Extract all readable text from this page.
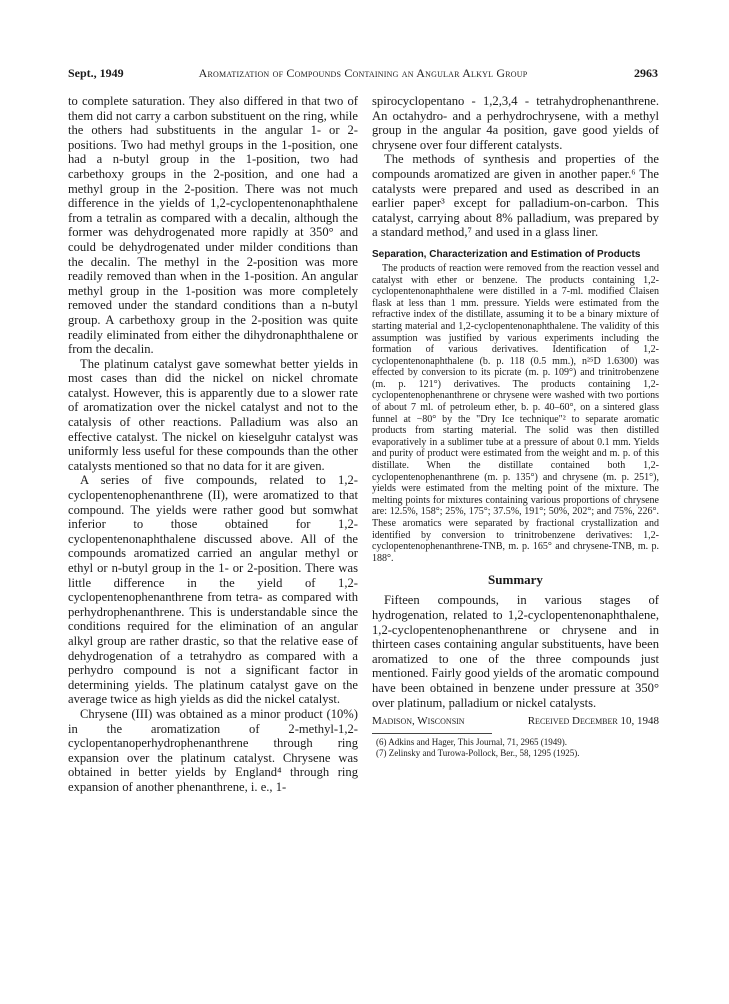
Sept., 1949	Aromatization of Compounds Containing an Angular Alkyl Group	2963

to complete saturation. They also differed in that two of them did not carry a carbon substituent on the ring, while the others had substituents in the angular 1- or 2-positions. Two had methyl groups in the 1-position, one had a n-butyl group in the 1-position, two had carbethoxy groups in the 2-position, and one had a methyl group in the 2-position. There was not much difference in the yields of 1,2-cyclopentenonaphthalene from a tetralin as compared with a decalin, although the former was dehydrogenated more rapidly at 350° and could be dehydrogenated under milder conditions than the decalin. The methyl in the 2-position was more readily removed than when in the 1-position. An angular methyl group in the 1-position was more completely removed under the standard conditions than a n-butyl group. A carbethoxy group in the 2-position was quite readily eliminated from either the dihydronaphthalene or from the decalin.

The platinum catalyst gave somewhat better yields in most cases than did the nickel on nickel chromate catalyst. However, this is apparently due to a slower rate of aromatization over the nickel catalyst and not to the catalysis of other reactions. Palladium was also an effective catalyst. The nickel on kieselguhr catalyst was uniformly less useful for these compounds than the other catalysts mentioned so that no data for it are given.

A series of five compounds, related to 1,2-cyclopentenophenanthrene (II), were aromatized to that compound. The yields were rather good but somwhat inferior to those obtained for 1,2-cyclopentenonaphthalene discussed above. All of the compounds aromatized carried an angular methyl or ethyl or n-butyl group in the 1- or 2-position. There was little difference in the yield of 1,2-cyclopentenophenanthrene from tetra- as compared with perhydrophenanthrene. This is understandable since the conditions required for the elimination of an angular alkyl group are rather drastic, so that the relative ease of dehydrogenation of a tetrahydro as compared with a perhydro compound is not a significant factor in determining yields. The platinum catalyst gave on the average twice as high yields as did the nickel catalyst.

Chrysene (III) was obtained as a minor product (10%) in the aromatization of 2-methyl-1,2-cyclopentanoperhydrophenanthrene through ring expansion over the platinum catalyst. Chrysene was obtained in better yields by England⁴ through ring expansion of another phenanthrene, i. e., 1-

spirocyclopentano - 1,2,3,4 - tetrahydrophenanthrene. An octahydro- and a perhydrochrysene, with a methyl group in the angular 4a position, gave good yields of chrysene over four different catalysts.

The methods of synthesis and properties of the compounds aromatized are given in another paper.⁶ The catalysts were prepared and used as described in an earlier paper³ except for palladium-on-carbon. This catalyst, carrying about 8% palladium, was prepared by a standard method,⁷ and used in a glass liner.

Separation, Characterization and Estimation of Products

The products of reaction were removed from the reaction vessel and catalyst with ether or benzene. The products containing 1,2-cyclopentenonaphthalene were distilled in a 7-ml. modified Claisen flask at less than 1 mm. pressure. Yields were estimated from the refractive index of the distillate, assuming it to be a binary mixture of starting material and 1,2-cyclopentenonaphthalene. The validity of this assumption was justified by various experiments including the formation of various derivatives. Identification of 1,2-cyclopentenonaphthalene (b. p. 118 (0.5 mm.), n²⁵D 1.6300) was effected by conversion to its picrate (m. p. 109°) and trinitrobenzene (m. p. 121°) derivatives. The products containing 1,2-cyclopentenophenanthrene or chrysene were washed with two portions of about 7 ml. of petroleum ether, b. p. 40–60°, on a sintered glass funnel at −80° by the "Dry Ice technique"² to separate aromatic products from starting material. The solid was then distilled evaporatively in a sublimer tube at a pressure of about 0.1 mm. Yields and purity of product were estimated from the weight and m. p. of this distillate. When the distillate contained both 1,2-cyclopentenophenanthrene (m. p. 135°) and chrysene (m. p. 251°), yields were estimated from the melting point of the mixture. The melting points for mixtures containing various proportions of chrysene are: 12.5%, 158°; 25%, 175°; 37.5%, 191°; 50%, 202°; and 75%, 226°. These aromatics were separated by fractional crystallization and identified by conversion to trinitrobenzene derivatives: 1,2-cyclopentenophenanthrene-TNB, m. p. 165° and chrysene-TNB, m. p. 188°.

Summary

Fifteen compounds, in various stages of hydrogenation, related to 1,2-cyclopentenonaphthalene, 1,2-cyclopentenophenanthrene or chrysene and in thirteen cases containing angular substituents, have been aromatized to one of the three compounds just mentioned. Fairly good yields of the aromatic compound have been obtained in benzene under pressure at 350° over platinum, palladium or nickel catalysts.

Madison, Wisconsin	Received December 10, 1948

(6) Adkins and Hager, This Journal, 71, 2965 (1949).

(7) Zelinsky and Turowa-Pollock, Ber., 58, 1295 (1925).
